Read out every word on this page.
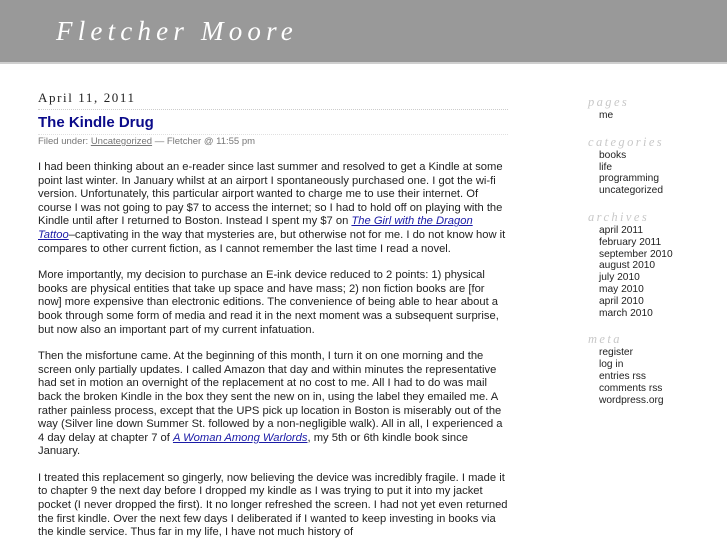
Fletcher Moore
April 11, 2011
The Kindle Drug
Filed under: Uncategorized — Fletcher @ 11:55 pm

I had been thinking about an e-reader since last summer and resolved to get a Kindle at some point last winter. In January whilst at an airport I spontaneously purchased one. I got the wi-fi version. Unfortunately, this particular airport wanted to charge me to use their internet. Of course I was not going to pay $7 to access the internet; so I had to hold off on playing with the Kindle until after I returned to Boston. Instead I spent my $7 on The Girl with the Dragon Tattoo–captivating in the way that mysteries are, but otherwise not for me. I do not know how it compares to other current fiction, as I cannot remember the last time I read a novel.

More importantly, my decision to purchase an E-ink device reduced to 2 points: 1) physical books are physical entities that take up space and have mass; 2) non fiction books are [for now] more expensive than electronic editions. The convenience of being able to hear about a book through some form of media and read it in the next moment was a subsequent surprise, but now also an important part of my current infatuation.

Then the misfortune came. At the beginning of this month, I turn it on one morning and the screen only partially updates. I called Amazon that day and within minutes the representative had set in motion an overnight of the replacement at no cost to me. All I had to do was mail back the broken Kindle in the box they sent the new on in, using the label they emailed me. A rather painless process, except that the UPS pick up location in Boston is miserably out of the way (Silver line down Summer St. followed by a non-negligible walk). All in all, I experienced a 4 day delay at chapter 7 of A Woman Among Warlords, my 5th or 6th kindle book since January.

I treated this replacement so gingerly, now believing the device was incredibly fragile. I made it to chapter 9 the next day before I dropped my kindle as I was trying to put it into my jacket pocket (I never dropped the first). It no longer refreshed the screen. I had not yet even returned the first kindle. Over the next few days I deliberated if I wanted to keep investing in books via the kindle service. Thus far in my life, I have not much history of

pages
me
categories
books
life
programming
uncategorized
archives
april 2011
february 2011
september 2010
august 2010
july 2010
may 2010
april 2010
march 2010
meta
register
log in
entries rss
comments rss
wordpress.org
